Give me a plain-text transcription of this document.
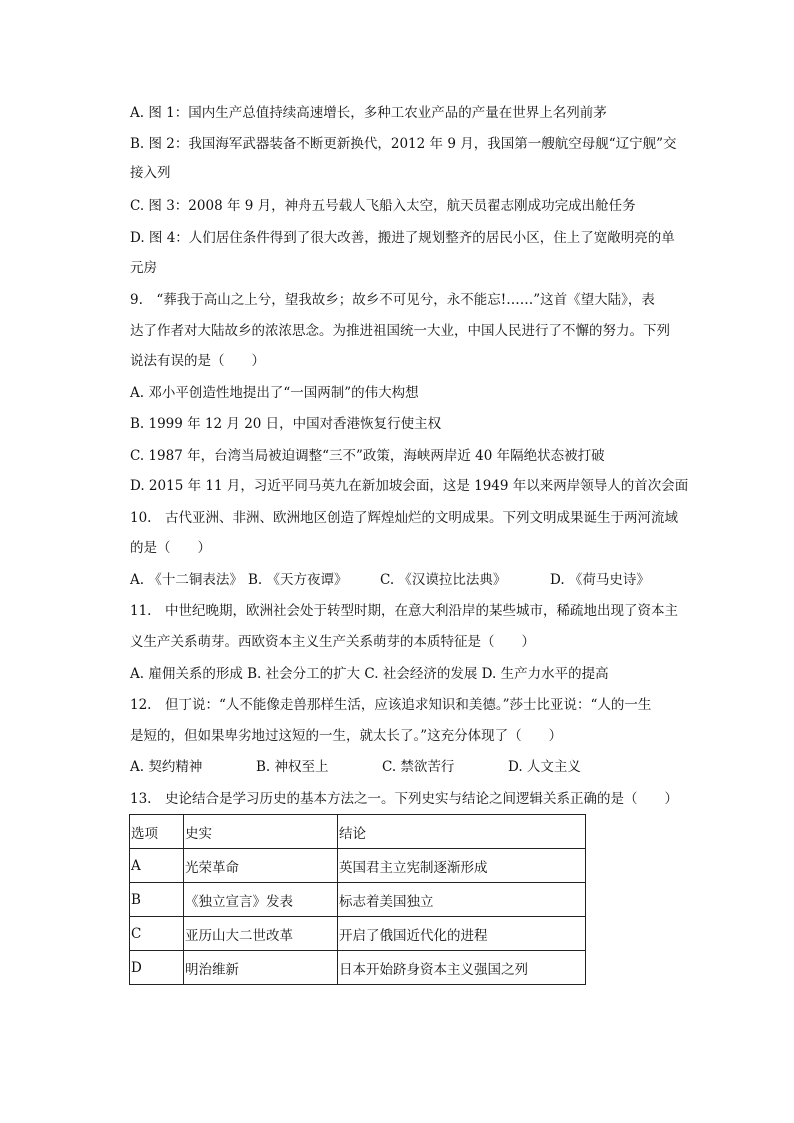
A. 图 1：国内生产总值持续高速增长，多种工农业产品的产量在世界上名列前茅
B. 图 2：我国海军武器装备不断更新换代，2012 年 9 月，我国第一艘航空母舰“辽宁舰”交
接入列
C. 图 3：2008 年 9 月，神舟五号载人飞船入太空，航天员翟志刚成功完成出舱任务
D. 图 4：人们居住条件得到了很大改善，搬进了规划整齐的居民小区，住上了宽敞明亮的单
元房
9.　“葬我于高山之上兮，望我故乡；故乡不可见兮，永不能忘!……”这首《望大陆》，表
达了作者对大陆故乡的浓浓思念。为推进祖国统一大业，中国人民进行了不懈的努力。下列
说法有误的是（　　）
A. 邓小平创造性地提出了“一国两制”的伟大构想
B. 1999 年 12 月 20 日，中国对香港恢复行使主权
C. 1987 年，台湾当局被迫调整“三不”政策，海峡两岸近 40 年隔绝状态被打破
D. 2015 年 11 月，习近平同马英九在新加坡会面，这是 1949 年以来两岸领导人的首次会面
10.　古代亚洲、非洲、欧洲地区创造了辉煌灿烂的文明成果。下列文明成果诞生于两河流域
的是（　　）
A. 《十二铜表法》 B. 《天方夜谭》 C. 《汉谟拉比法典》	D. 《荷马史诗》
11.　中世纪晚期，欧洲社会处于转型时期，在意大利沿岸的某些城市，稀疏地出现了资本主
义生产关系萌芽。西欧资本主义生产关系萌芽的本质特征是（　　）
A. 雇佣关系的形成 B. 社会分工的扩大 C. 社会经济的发展 D. 生产力水平的提高
12.　但丁说：“人不能像走兽那样生活，应该追求知识和美德。”莎士比亚说：“人的一生
是短的，但如果卑劣地过这短的一生，就太长了。”这充分体现了（　　）
A. 契约精神	B. 神权至上	C. 禁欲苦行	D. 人文主义
13.　史论结合是学习历史的基本方法之一。下列史实与结论之间逻辑关系正确的是（　　）
选项	史实	结论
A	光荣革命	英国君主立宪制逐渐形成
B	《独立宣言》发表	标志着美国独立
C	亚历山大二世改革	开启了俄国近代化的进程
D	明治维新	日本开始跻身资本主义强国之列
